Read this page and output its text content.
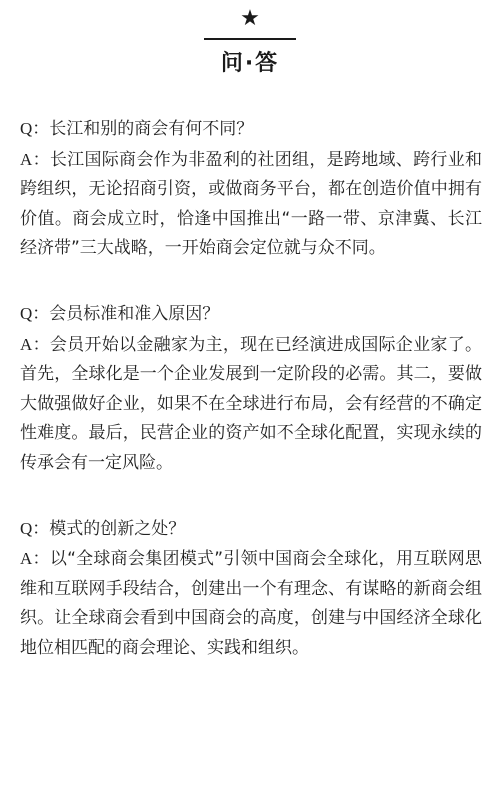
★
问·答
Q：长江和别的商会有何不同？
A：长江国际商会作为非盈利的社团组，是跨地域、跨行业和跨组织，无论招商引资，或做商务平台，都在创造价值中拥有价值。商会成立时，恰逢中国推出“一路一带、京津冀、长江经济带”三大战略，一开始商会定位就与众不同。
Q：会员标准和准入原因？
A：会员开始以金融家为主，现在已经演进成国际企业家了。首先，全球化是一个企业发展到一定阶段的必需。其二，要做大做强做好企业，如果不在全球进行布局，会有经营的不确定性难度。最后，民营企业的资产如不全球化配置，实现永续的传承会有一定风险。
Q：模式的创新之处？
A：以“全球商会集团模式”引领中国商会全球化，用互联网思维和互联网手段结合，创建出一个有理念、有谋略的新商会组织。让全球商会看到中国商会的高度，创建与中国经济全球化地位相匹配的商会理论、实践和组织。
